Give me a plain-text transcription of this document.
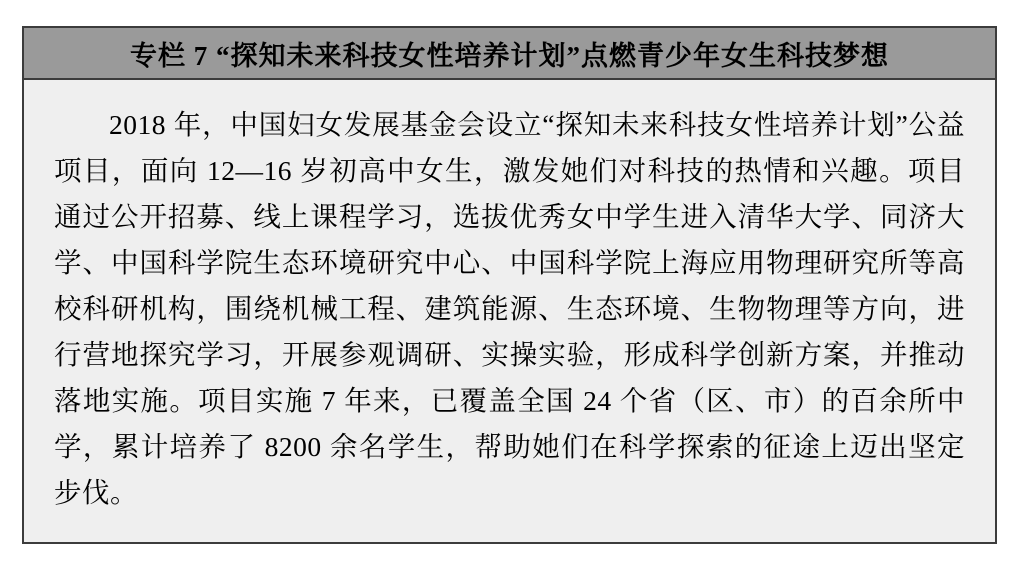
专栏 7 “探知未来科技女性培养计划”点燃青少年女生科技梦想

2018 年，中国妇女发展基金会设立“探知未来科技女性培养计划”公益项目，面向 12—16 岁初高中女生，激发她们对科技的热情和兴趣。项目通过公开招募、线上课程学习，选拔优秀女中学生进入清华大学、同济大学、中国科学院生态环境研究中心、中国科学院上海应用物理研究所等高校科研机构，围绕机械工程、建筑能源、生态环境、生物物理等方向，进行营地探究学习，开展参观调研、实操实验，形成科学创新方案，并推动落地实施。项目实施 7 年来，已覆盖全国 24 个省（区、市）的百余所中学，累计培养了 8200 余名学生，帮助她们在科学探索的征途上迈出坚定步伐。
